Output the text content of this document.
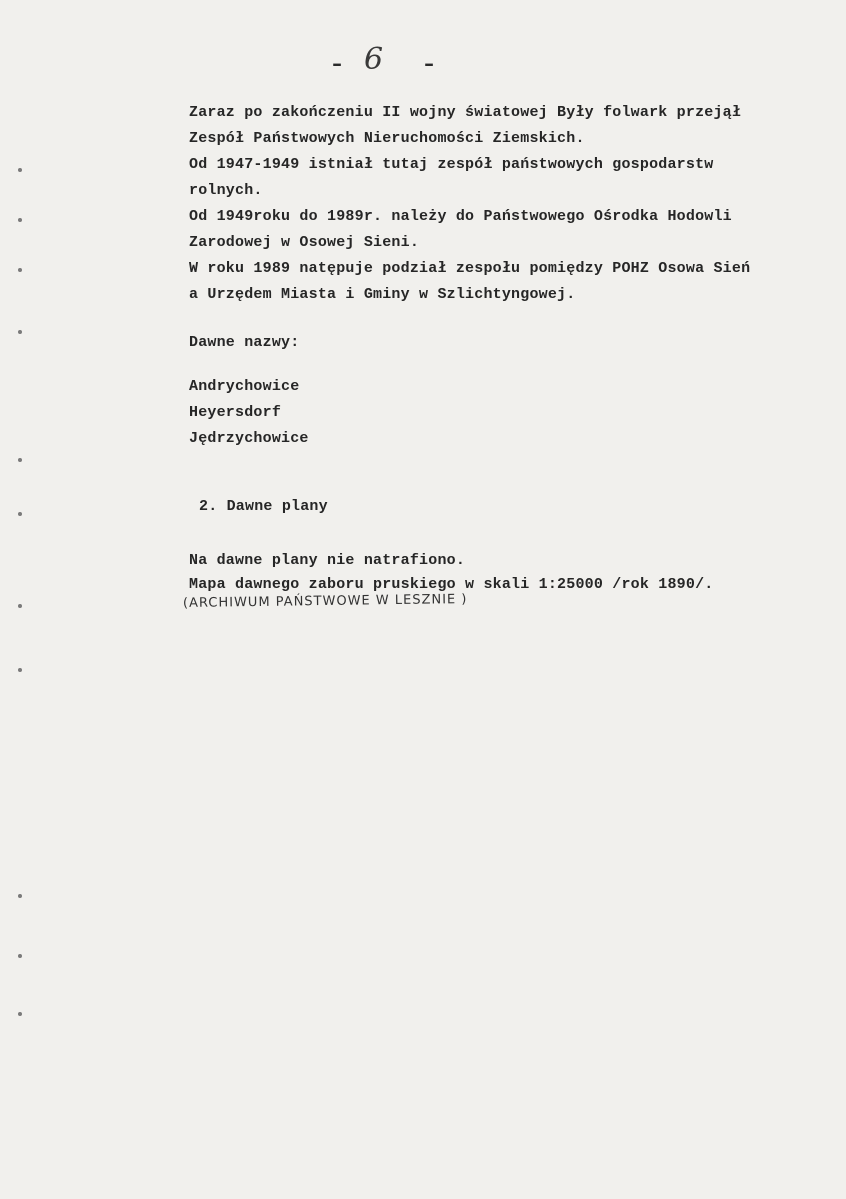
- 6 -
Zaraz po zakończeniu II wojny światowej Były folwark przejął
Zespół Państwowych Nieruchomości Ziemskich.
Od 1947-1949 istniał tutaj zespół państwowych gospodarstw
rolnych.
Od 1949roku do 1989r. należy do Państwowego Ośrodka Hodowli
Zarodowej w Osowej Sieni.
W roku 1989 natępuje podział zespołu pomiędzy POHZ Osowa Sień
a Urzędem Miasta i Gminy w Szlichtyngowej.
Dawne nazwy:
Andrychowice
Heyersdorf
Jędrzychowice
2. Dawne plany
Na dawne plany nie natrafiono.
Mapa dawnego zaboru pruskiego w skali 1:25000 /rok 1890/.
(ARCHIWUM PAŃSTWOWE W LESZNIE )
